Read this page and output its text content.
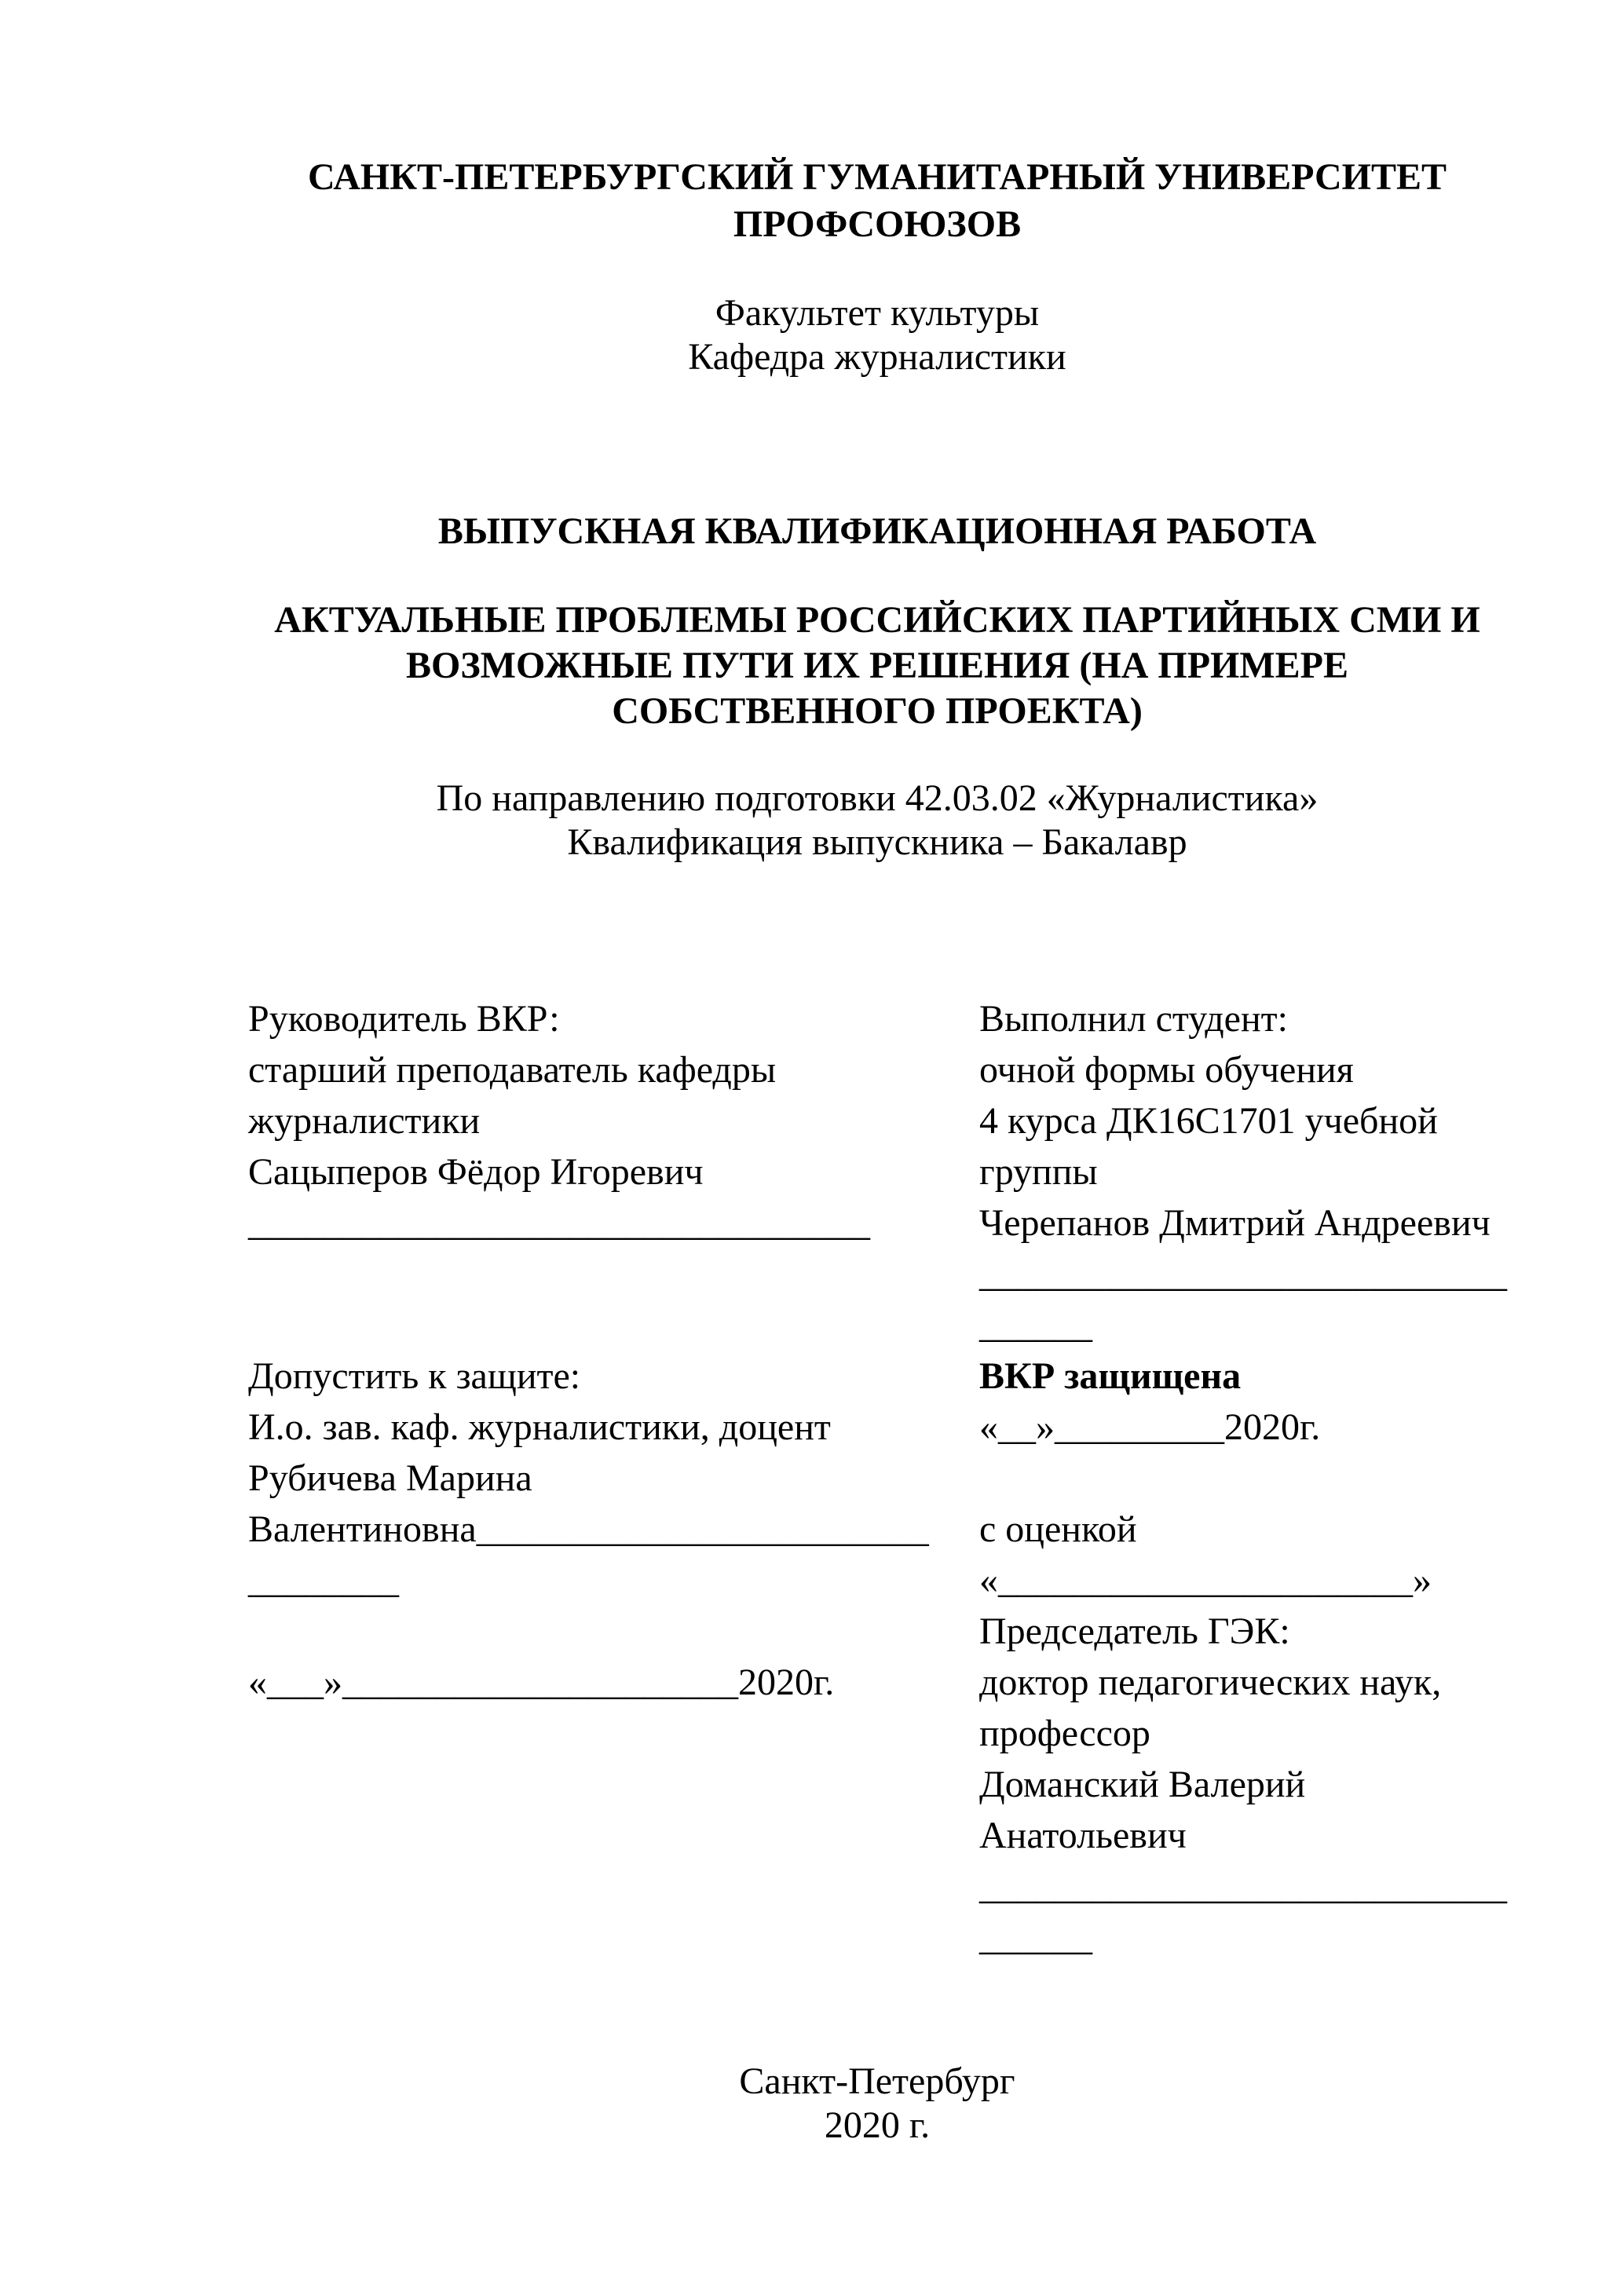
САНКТ-ПЕТЕРБУРГСКИЙ ГУМАНИТАРНЫЙ УНИВЕРСИТЕТ
ПРОФСОЮЗОВ
Факультет культуры
Кафедра журналистики
ВЫПУСКНАЯ КВАЛИФИКАЦИОННАЯ РАБОТА
АКТУАЛЬНЫЕ ПРОБЛЕМЫ РОССИЙСКИХ ПАРТИЙНЫХ СМИ И
ВОЗМОЖНЫЕ ПУТИ ИХ РЕШЕНИЯ (НА ПРИМЕРЕ
СОБСТВЕННОГО ПРОЕКТА)
По направлению подготовки 42.03.02 «Журналистика»
Квалификация выпускника – Бакалавр
Руководитель ВКР:
старший преподаватель кафедры
журналистики
Сацыперов Фёдор Игоревич
_________________________________
Допустить к защите:
И.о. зав. каф. журналистики, доцент
Рубичева Марина
Валентиновна________________________
________
«___»_____________________2020г.
Выполнил студент:
очной формы обучения
4 курса ДК16С1701 учебной
группы
Черепанов Дмитрий Андреевич
____________________________
______
ВКР защищена
«__»_________2020г.
с оценкой
«______________________»
Председатель ГЭК:
доктор педагогических наук,
профессор
Доманский Валерий
Анатольевич
____________________________
______
Санкт-Петербург
2020 г.
